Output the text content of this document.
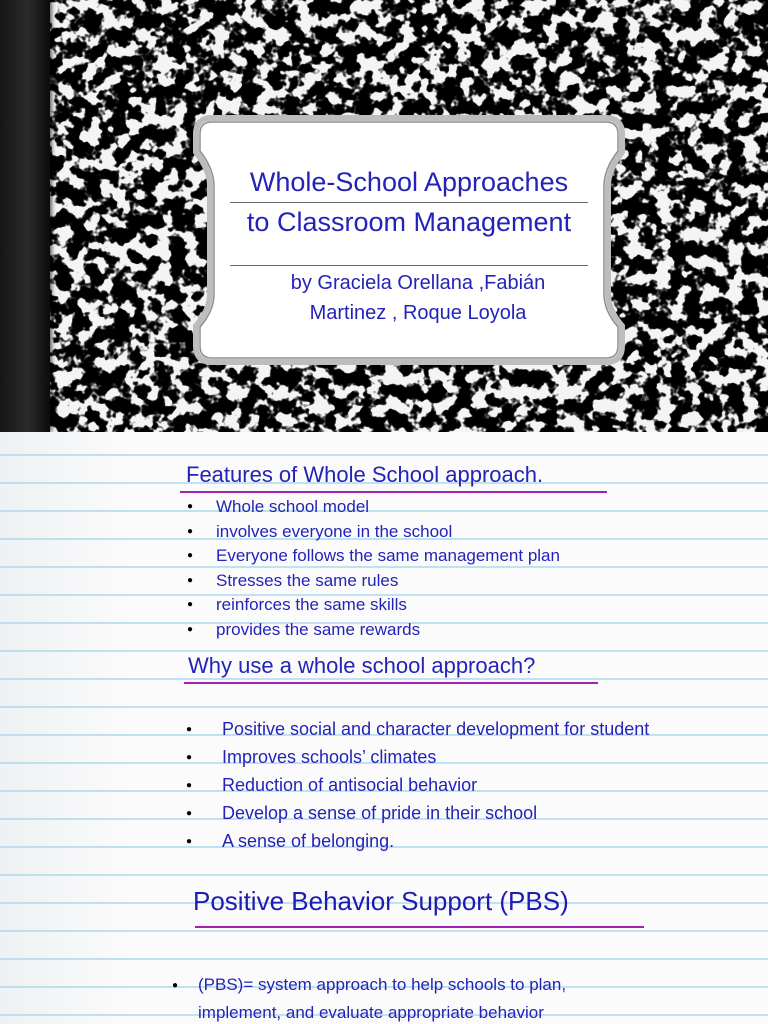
Whole-School Approaches
to Classroom Management

by Graciela Orellana ,Fabián
Martinez , Roque Loyola

Features of Whole School approach.
● Whole school model
● involves everyone in the school
● Everyone follows the same management plan
● Stresses the same rules
● reinforces the same skills
● provides the same rewards
Why use a whole school approach?
● Positive social and character development for student
● Improves schools’ climates
● Reduction of antisocial behavior
● Develop a sense of pride in their school
● A sense of belonging.
Positive Behavior Support (PBS)
● (PBS)= system approach to help schools to plan,
implement, and evaluate appropriate behavior
